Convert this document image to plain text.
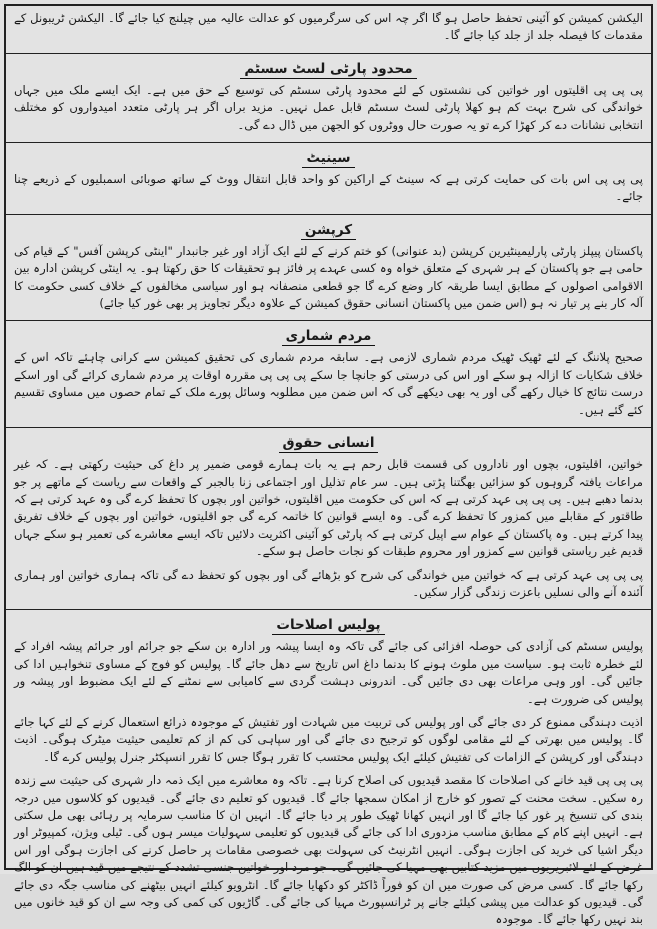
الیکشن کمیشن کو آئینی تحفظ حاصل ہو گا اگر چہ اس کی سرگرمیوں کو عدالت عالیہ میں چیلنج کیا جائے گا۔ الیکشن ٹریبونل کے مقدمات کا فیصلہ جلد از جلد کیا جائے گا۔

محدود پارٹی لسٹ سسٹم

پی پی پی اقلیتوں اور خواتین کی نشستوں کے لئے محدود پارٹی سسٹم کی توسیع کے حق میں ہے۔ ایک ایسے ملک میں جہاں خواندگی کی شرح بہت کم ہو کھلا پارٹی لسٹ سسٹم قابل عمل نہیں۔ مزید براں اگر ہر پارٹی متعدد امیدواروں کو مختلف انتخابی نشانات دے کر کھڑا کرے تو یہ صورت حال ووٹروں کو الجھن میں ڈال دے گی۔

سینیٹ

پی پی پی اس بات کی حمایت کرتی ہے کہ سینٹ کے اراکین کو واحد قابل انتقال ووٹ کے ساتھ صوبائی اسمبلیوں کے ذریعے چنا جائے۔

کرپشن

پاکستان پیپلز پارٹی پارلیمینٹیرین کرپشن (بد عنوانی) کو ختم کرنے کے لئے ایک آزاد اور غیر جانبدار "اینٹی کرپشن آفس" کے قیام کی حامی ہے جو پاکستان کے ہر شہری کے متعلق خواہ وہ کسی عہدے پر فائز ہو تحقیقات کا حق رکھتا ہو۔ یہ اینٹی کرپشن ادارہ بین الاقوامی اصولوں کے مطابق ایسا طریقہ کار وضع کرے گا جو قطعی منصفانہ ہو اور سیاسی مخالفوں کے خلاف کسی حکومت کا آلہ کار بنے پر تیار نہ ہو (اس ضمن میں پاکستان انسانی حقوق کمیشن کے علاوہ دیگر تجاویز پر بھی غور کیا جائے)

مردم شماری

صحیح پلاننگ کے لئے ٹھیک ٹھیک مردم شماری لازمی ہے۔ سابقہ مردم شماری کی تحقیق کمیشن سے کرانی چاہئے تاکہ اس کے خلاف شکایات کا ازالہ ہو سکے اور اس کی درستی کو جانچا جا سکے پی پی پی مقررہ اوقات پر مردم شماری کرائے گی اور اسکے درست نتائج کا خیال رکھے گی اور یہ بھی دیکھے گی کہ اس ضمن میں مطلوبہ وسائل پورے ملک کے تمام حصوں میں مساوی تقسیم کئے گئے ہیں۔

انسانی حقوق

خواتین، اقلیتوں، بچوں اور ناداروں کی قسمت قابل رحم ہے یہ بات ہمارے قومی ضمیر پر داغ کی حیثیت رکھتی ہے۔ کہ غیر مراعات یافتہ گروہوں کو سزائیں بھگتنا پڑتی ہیں۔ سر عام تذلیل اور اجتماعی زنا بالجبر کے واقعات سے ریاست کے ماتھے پر جو بدنما دھبے ہیں۔ پی پی پی عہد کرتی ہے کہ اس کی حکومت میں اقلیتوں، خواتین اور بچوں کا تحفظ کرے گی وہ عہد کرتی ہے کہ طاقتور کے مقابلے میں کمزور کا تحفظ کرے گی۔ وہ ایسے قوانین کا خاتمہ کرے گی جو اقلیتوں، خواتین اور بچوں کے خلاف تفریق پیدا کرتے ہیں۔ وہ پاکستان کے عوام سے اپیل کرتی ہے کہ پارٹی کو آئینی اکثریت دلائیں تاکہ ایسے معاشرے کی تعمیر ہو سکے جہاں قدیم غیر ریاستی قوانین سے کمزور اور محروم طبقات کو نجات حاصل ہو سکے۔

پی پی پی عہد کرتی ہے کہ خواتین میں خواندگی کی شرح کو بڑھائے گی اور بچوں کو تحفظ دے گی تاکہ ہماری خواتین اور ہماری آئندہ آنے والی نسلیں باعزت زندگی گزار سکیں۔

پولیس اصلاحات

پولیس سسٹم کی آزادی کی حوصلہ افزائی کی جائے گی تاکہ وہ ایسا پیشہ ور ادارہ بن سکے جو جرائم اور جرائم پیشہ افراد کے لئے خطرہ ثابت ہو۔ سیاست میں ملوث ہونے کا بدنما داغ اس تاریخ سے دھل جائے گا۔ پولیس کو فوج کے مساوی تنخواہیں ادا کی جائیں گی۔ اور وہی مراعات بھی دی جائیں گی۔ اندرونی دہشت گردی سے کامیابی سے نمٹنے کے لئے ایک مضبوط اور پیشہ ور پولیس کی ضرورت ہے۔

اذیت دہندگی ممنوع کر دی جائے گی اور پولیس کی تربیت میں شہادت اور تفتیش کے موجودہ ذرائع استعمال کرنے کے لئے کہا جائے گا۔ پولیس میں بھرتی کے لئے مقامی لوگوں کو ترجیح دی جائے گی اور سپاہی کی کم از کم تعلیمی حیثیت میٹرک ہوگی۔ اذیت دہندگی اور کرپشن کے الزامات کی تفتیش کیلئے ایک پولیس محتسب کا تقرر ہوگا جس کا تقرر انسپکٹر جنرل پولیس کرے گا۔

پی پی پی قید خانے کی اصلاحات کا مقصد قیدیوں کی اصلاح کرنا ہے۔ تاکہ وہ معاشرے میں ایک ذمہ دار شہری کی حیثیت سے زندہ رہ سکیں۔ سخت محنت کے تصور کو خارج از امکان سمجھا جائے گا۔ قیدیوں کو تعلیم دی جائے گی۔ قیدیوں کو کلاسوں میں درجہ بندی کی تنسیخ پر غور کیا جائے گا اور انہیں کھانا ٹھیک طور پر دیا جائے گا۔ انہیں ان کا مناسب سرمایہ پر رہائی بھی مل سکتی ہے۔ انہیں اپنے کام کے مطابق مناسب مزدوری ادا کی جائے گی قیدیوں کو تعلیمی سہولیات میسر ہوں گی۔ ٹیلی ویژن، کمپیوٹر اور دیگر اشیا کی خرید کی اجازت ہوگی۔ انہیں انٹرنیٹ کی سہولت بھی خصوصی مقامات پر حاصل کرنے کی اجازت ہوگی اور اس غرض کے لئے لائبریریوں میں مزید کتابیں بھی مہیا کی جائیں گی۔ جو مرد اور خواتین جنسی تشدد کے نتیجے میں قید ہیں ان کو الگ رکھا جائے گا۔ کسی مرض کی صورت میں ان کو فوراً ڈاکٹر کو دکھایا جائے گا۔ انٹرویو کیلئے انہیں بیٹھنے کی مناسب جگہ دی جائے گی۔ قیدیوں کو عدالت میں پیشی کیلئے جانے پر ٹرانسپورٹ مہیا کی جائے گی۔ گاڑیوں کی کمی کی وجہ سے ان کو قید خانوں میں بند نہیں رکھا جائے گا۔ موجودہ
